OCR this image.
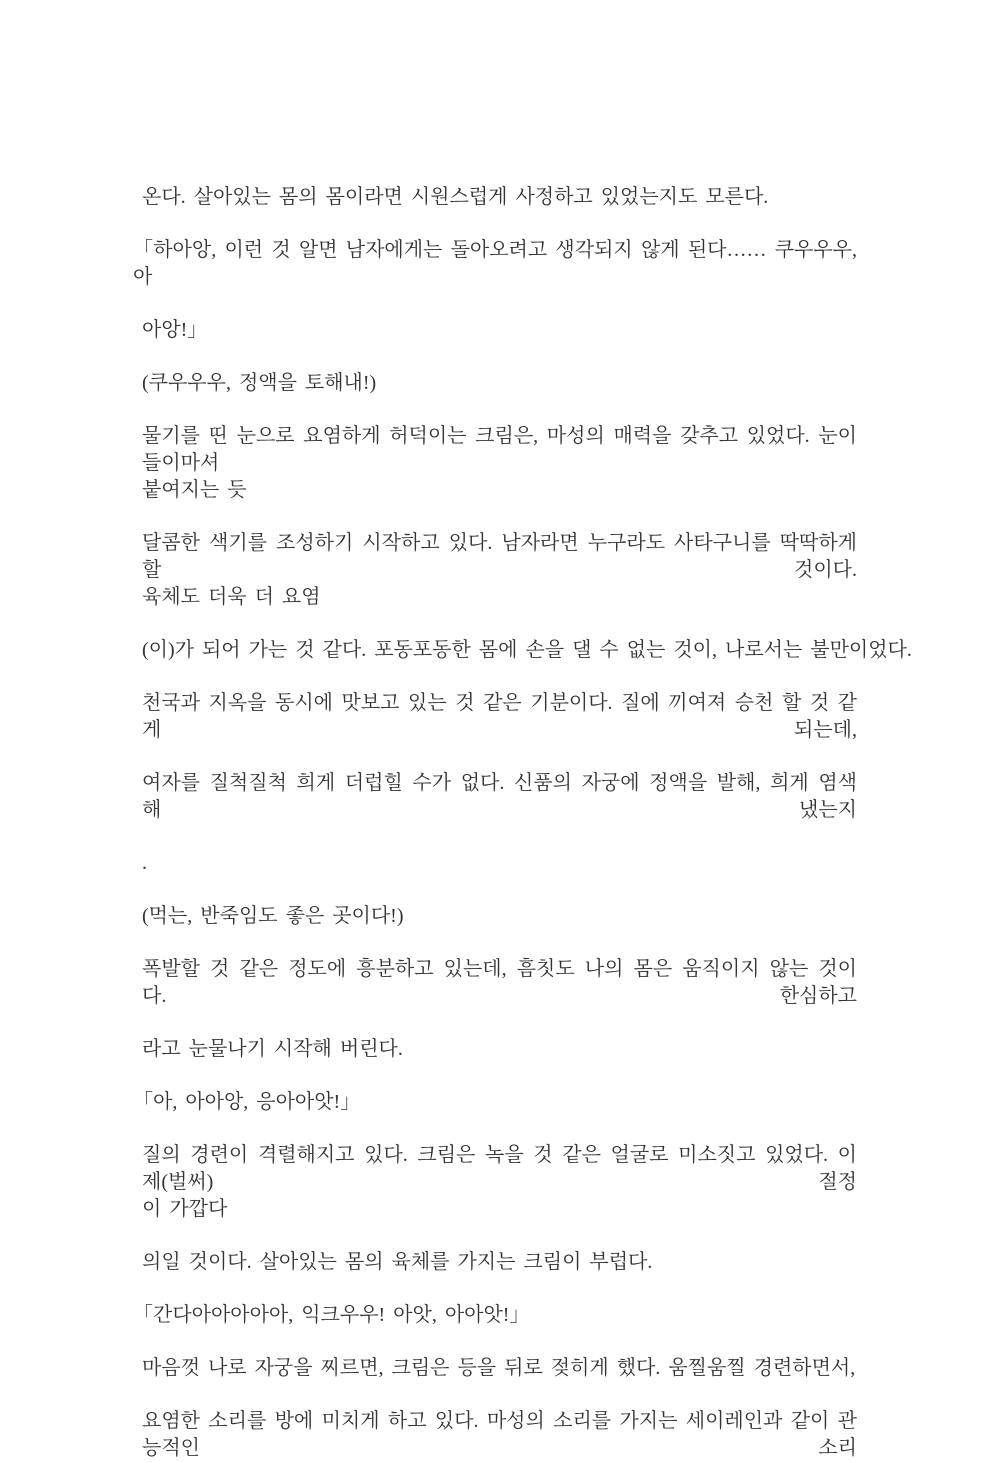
온다. 살아있는 몸의 몸이라면 시원스럽게 사정하고 있었는지도 모른다.

「하아앙, 이런 것 알면 남자에게는 돌아오려고 생각되지 않게 된다…… 쿠우우우, 아

아앙!」

(쿠우우우, 정액을 토해내!)

물기를 띤 눈으로 요염하게 허덕이는 크림은, 마성의 매력을 갖추고 있었다. 눈이 들이마셔
붙여지는 듯

달콤한 색기를 조성하기 시작하고 있다. 남자라면 누구라도 사타구니를 딱딱하게 할 것이다.
육체도 더욱 더 요염

(이)가 되어 가는 것 같다. 포동포동한 몸에 손을 댈 수 없는 것이, 나로서는 불만이었다.

천국과 지옥을 동시에 맛보고 있는 것 같은 기분이다. 질에 끼여져 승천 할 것 같게 되는데,

여자를 질척질척 희게 더럽힐 수가 없다. 신품의 자궁에 정액을 발해, 희게 염색해 냈는지

.

(먹는, 반죽임도 좋은 곳이다!)

폭발할 것 같은 정도에 흥분하고 있는데, 흠칫도 나의 몸은 움직이지 않는 것이다. 한심하고

라고 눈물나기 시작해 버린다.

「아, 아아앙, 응아아앗!」

질의 경련이 격렬해지고 있다. 크림은 녹을 것 같은 얼굴로 미소짓고 있었다. 이제(벌써) 절정
이 가깝다

의일 것이다. 살아있는 몸의 육체를 가지는 크림이 부럽다.

「간다아아아아아, 익크우우! 아앗, 아아앗!」

마음껏 나로 자궁을 찌르면, 크림은 등을 뒤로 젖히게 했다. 움찔움찔 경련하면서,

요염한 소리를 방에 미치게 하고 있다. 마성의 소리를 가지는 세이레인과 같이 관능적인 소리
